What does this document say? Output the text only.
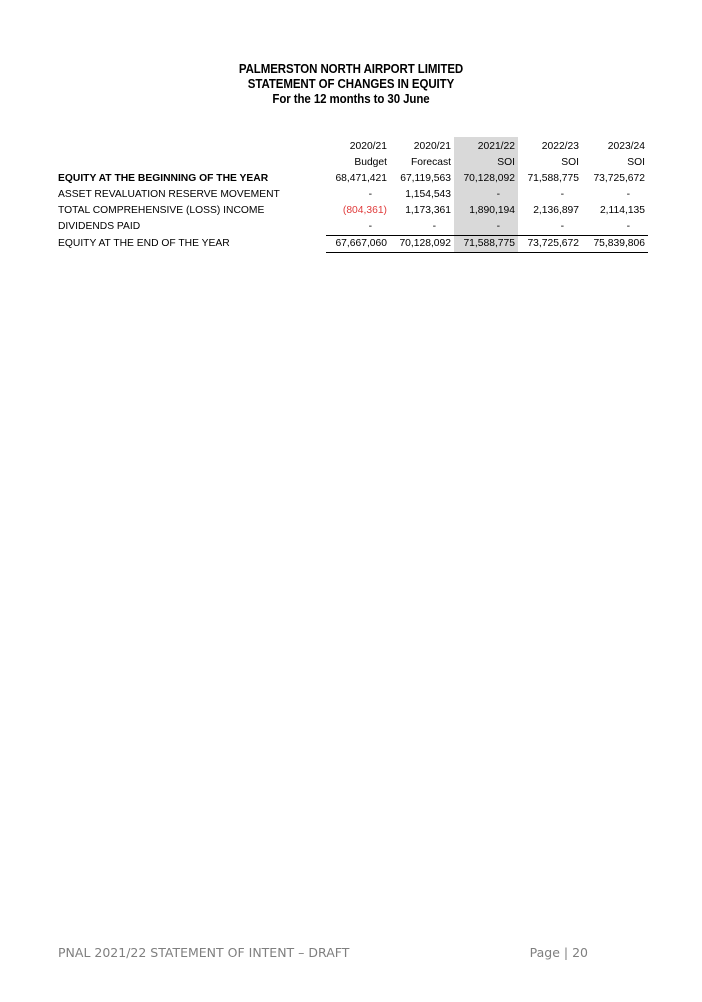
PALMERSTON NORTH AIRPORT LIMITED
STATEMENT OF CHANGES IN EQUITY
For the 12 months to 30 June
	2020/21	2020/21	2021/22	2022/23	2023/24
	Budget	Forecast	SOI	SOI	SOI
EQUITY AT THE BEGINNING OF THE YEAR	68,471,421	67,119,563	70,128,092	71,588,775	73,725,672
ASSET REVALUATION RESERVE MOVEMENT	-	1,154,543	-	-	-
TOTAL COMPREHENSIVE (LOSS) INCOME	(804,361)	1,173,361	1,890,194	2,136,897	2,114,135
DIVIDENDS PAID	-	-	-	-	-
EQUITY AT THE END OF THE YEAR	67,667,060	70,128,092	71,588,775	73,725,672	75,839,806
PNAL 2021/22 STATEMENT OF INTENT – DRAFT	Page | 20
